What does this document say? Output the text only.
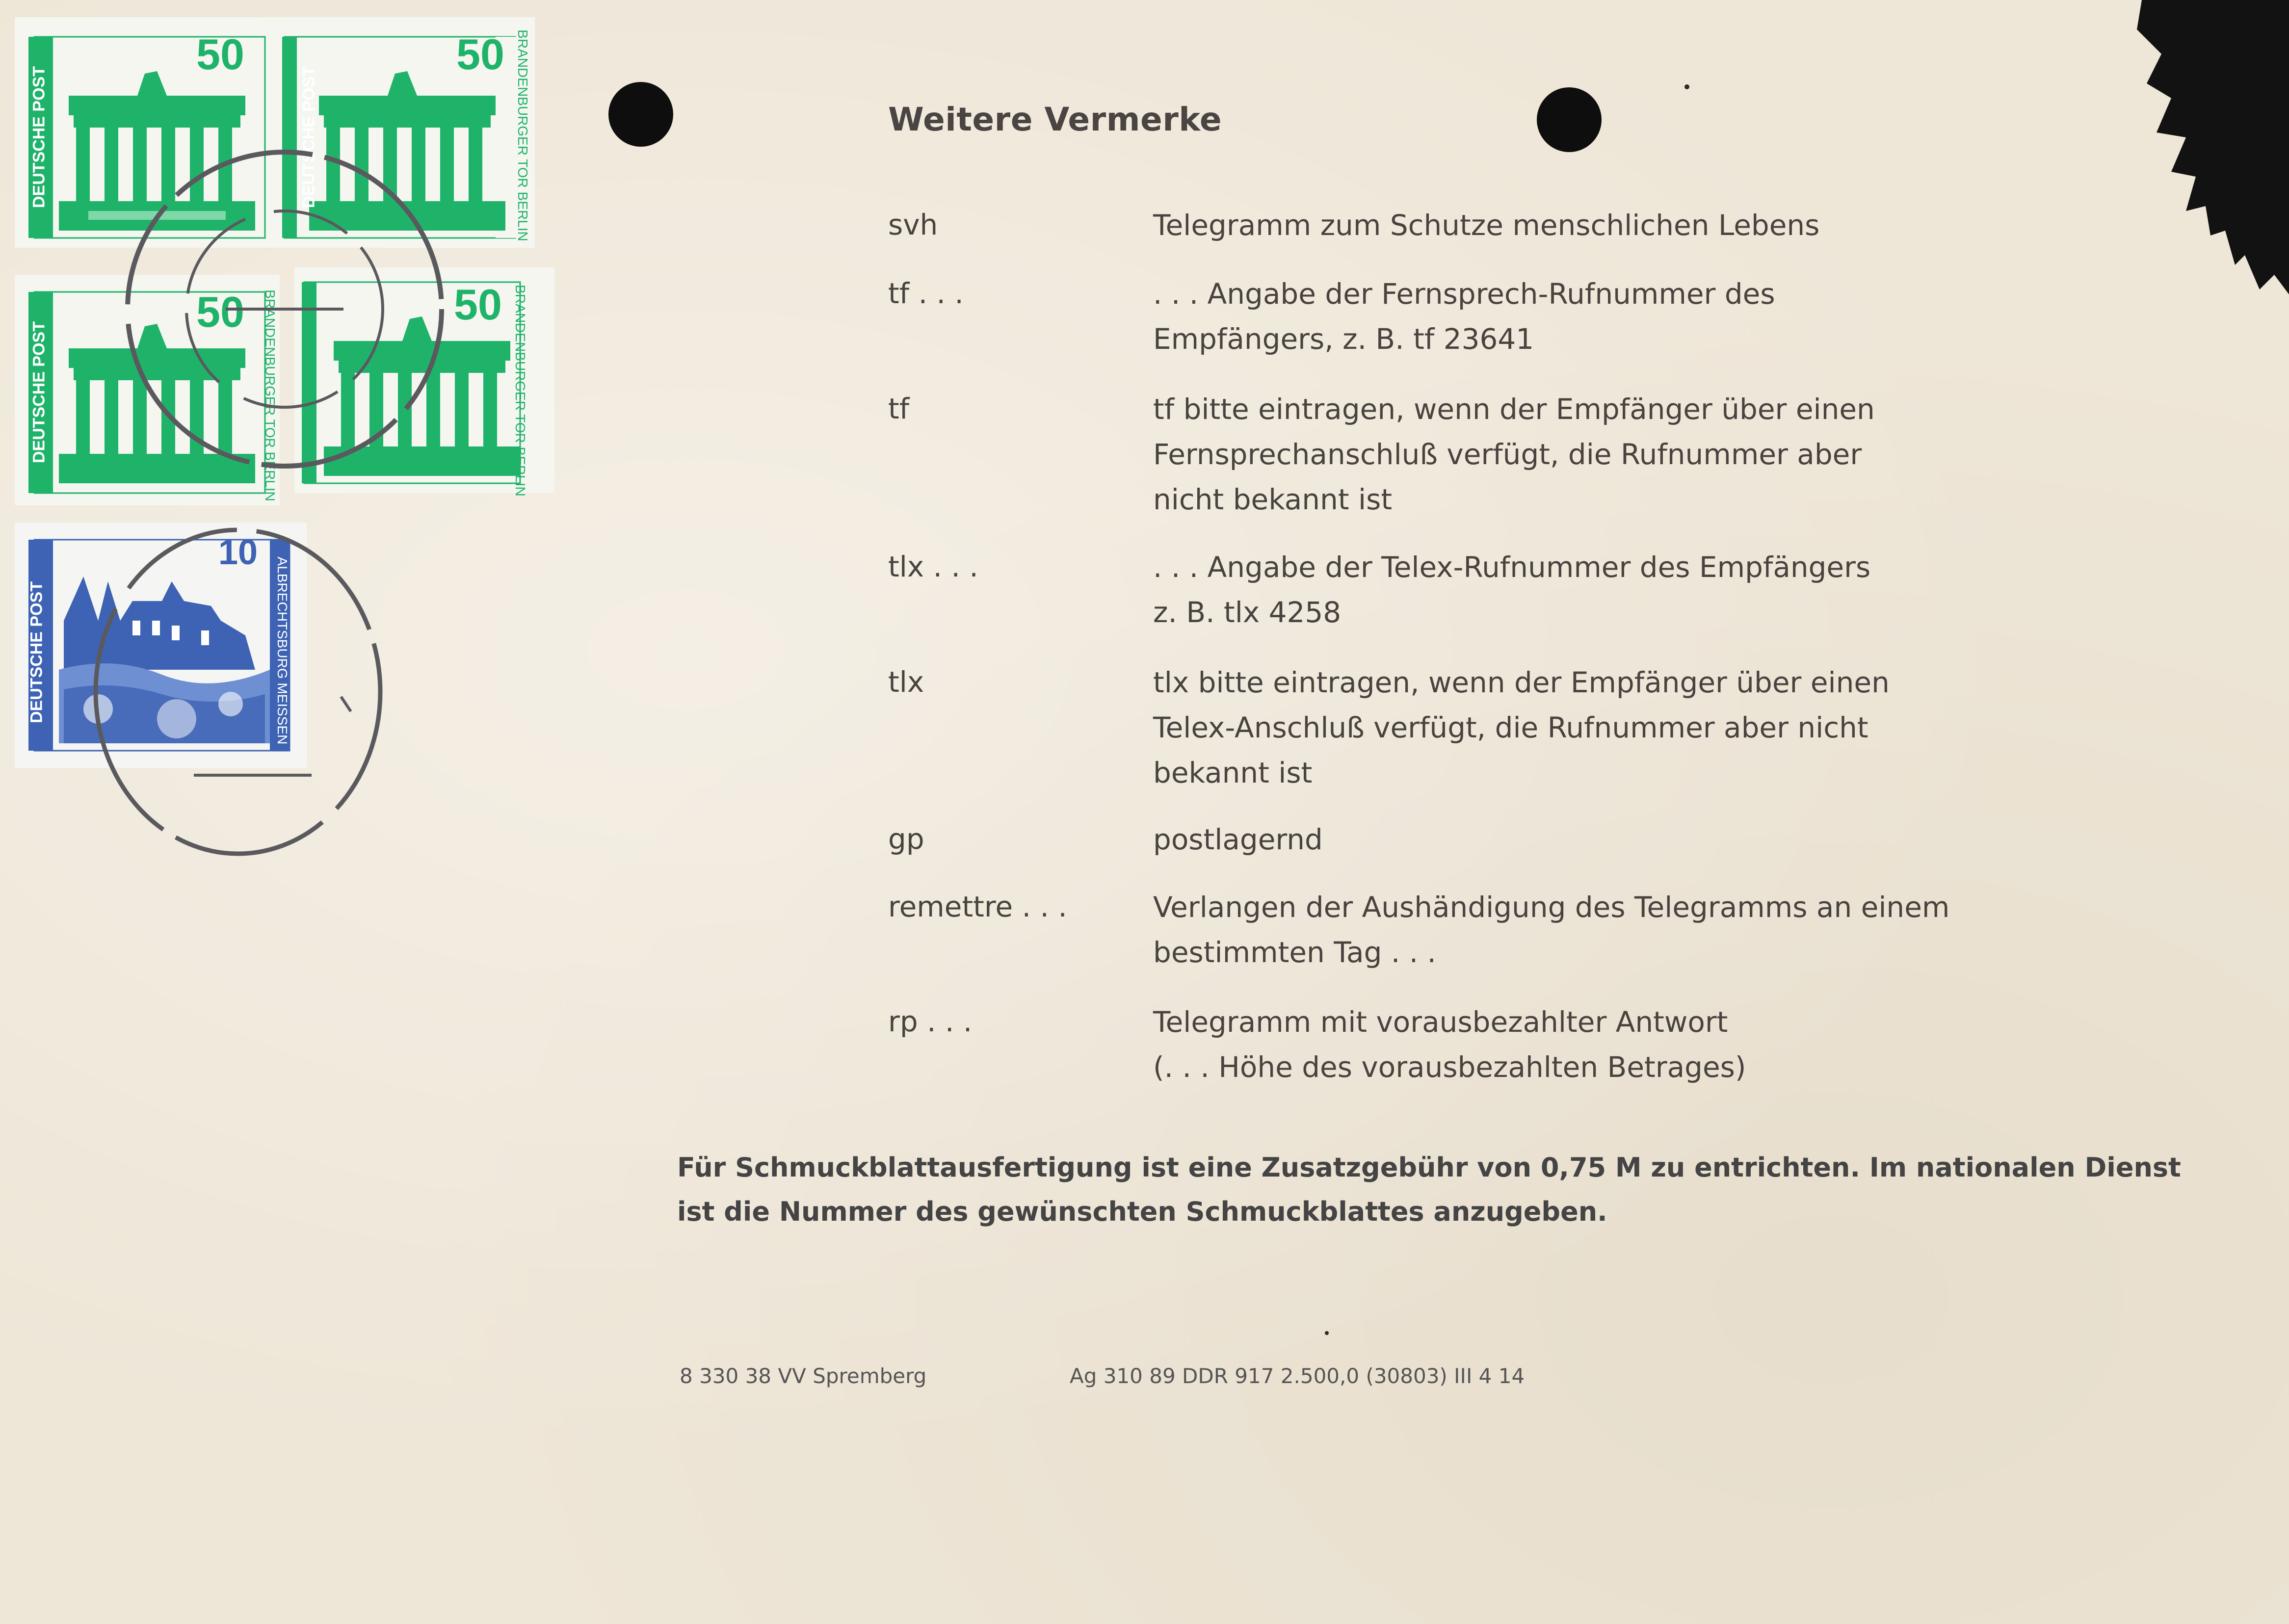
50	50
50	50
DEUTSCHE POST	DEUTSCHE POST
DEUTSCHE POST
BRANDENBURGER TOR BERLIN
BRANDENBURGER TOR BERLIN	BRANDENBURGER TOR BERLIN
10
DEUTSCHE POST	ALBRECHTSBURG MEISSEN
Weitere Vermerke
svh	Telegramm zum Schutze menschlichen Lebens
tf . . .	. . . Angabe der Fernsprech-Rufnummer des
Empfängers, z. B. tf 23641
tf	tf bitte eintragen, wenn der Empfänger über einen
Fernsprechanschluß verfügt, die Rufnummer aber
nicht bekannt ist
tlx . . .	. . . Angabe der Telex-Rufnummer des Empfängers
z. B. tlx 4258
tlx	tlx bitte eintragen, wenn der Empfänger über einen
Telex-Anschluß verfügt, die Rufnummer aber nicht
bekannt ist
gp	postlagernd
remettre . . .	Verlangen der Aushändigung des Telegramms an einem
bestimmten Tag . . .
rp . . .	Telegramm mit vorausbezahlter Antwort
(. . . Höhe des vorausbezahlten Betrages)
Für Schmuckblattausfertigung ist eine Zusatzgebühr von 0,75 M zu entrichten. Im nationalen Dienst
ist die Nummer des gewünschten Schmuckblattes anzugeben.
8 330 38 VV Spremberg	Ag 310 89 DDR 917 2.500,0 (30803) III 4 14
